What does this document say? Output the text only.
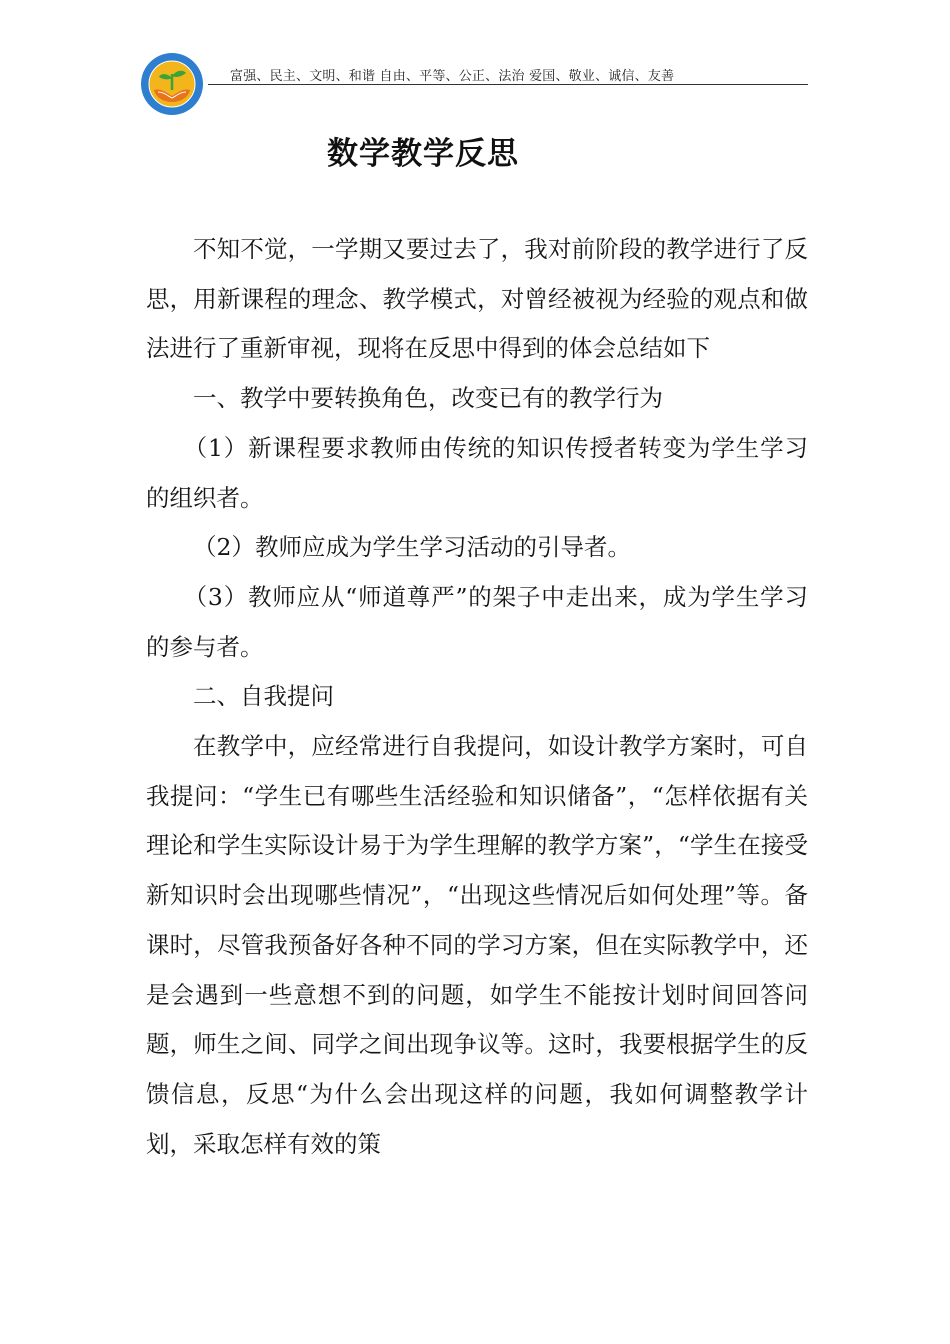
富强、民主、文明、和谐 自由、平等、公正、法治 爱国、敬业、诚信、友善
数学教学反思

不知不觉，一学期又要过去了，我对前阶段的教学进行了反思，用新课程的理念、教学模式，对曾经被视为经验的观点和做法进行了重新审视，现将在反思中得到的体会总结如下

一、教学中要转换角色，改变已有的教学行为

（1）新课程要求教师由传统的知识传授者转变为学生学习的组织者。

（2）教师应成为学生学习活动的引导者。

（3）教师应从“师道尊严”的架子中走出来，成为学生学习的参与者。

二、自我提问

在教学中，应经常进行自我提问，如设计教学方案时，可自我提问：“学生已有哪些生活经验和知识储备”，“怎样依据有关理论和学生实际设计易于为学生理解的教学方案”，“学生在接受新知识时会出现哪些情况”，“出现这些情况后如何处理”等。备课时，尽管我预备好各种不同的学习方案，但在实际教学中，还是会遇到一些意想不到的问题，如学生不能按计划时间回答问题，师生之间、同学之间出现争议等。这时，我要根据学生的反馈信息，反思“为什么会出现这样的问题，我如何调整教学计划，采取怎样有效的策
